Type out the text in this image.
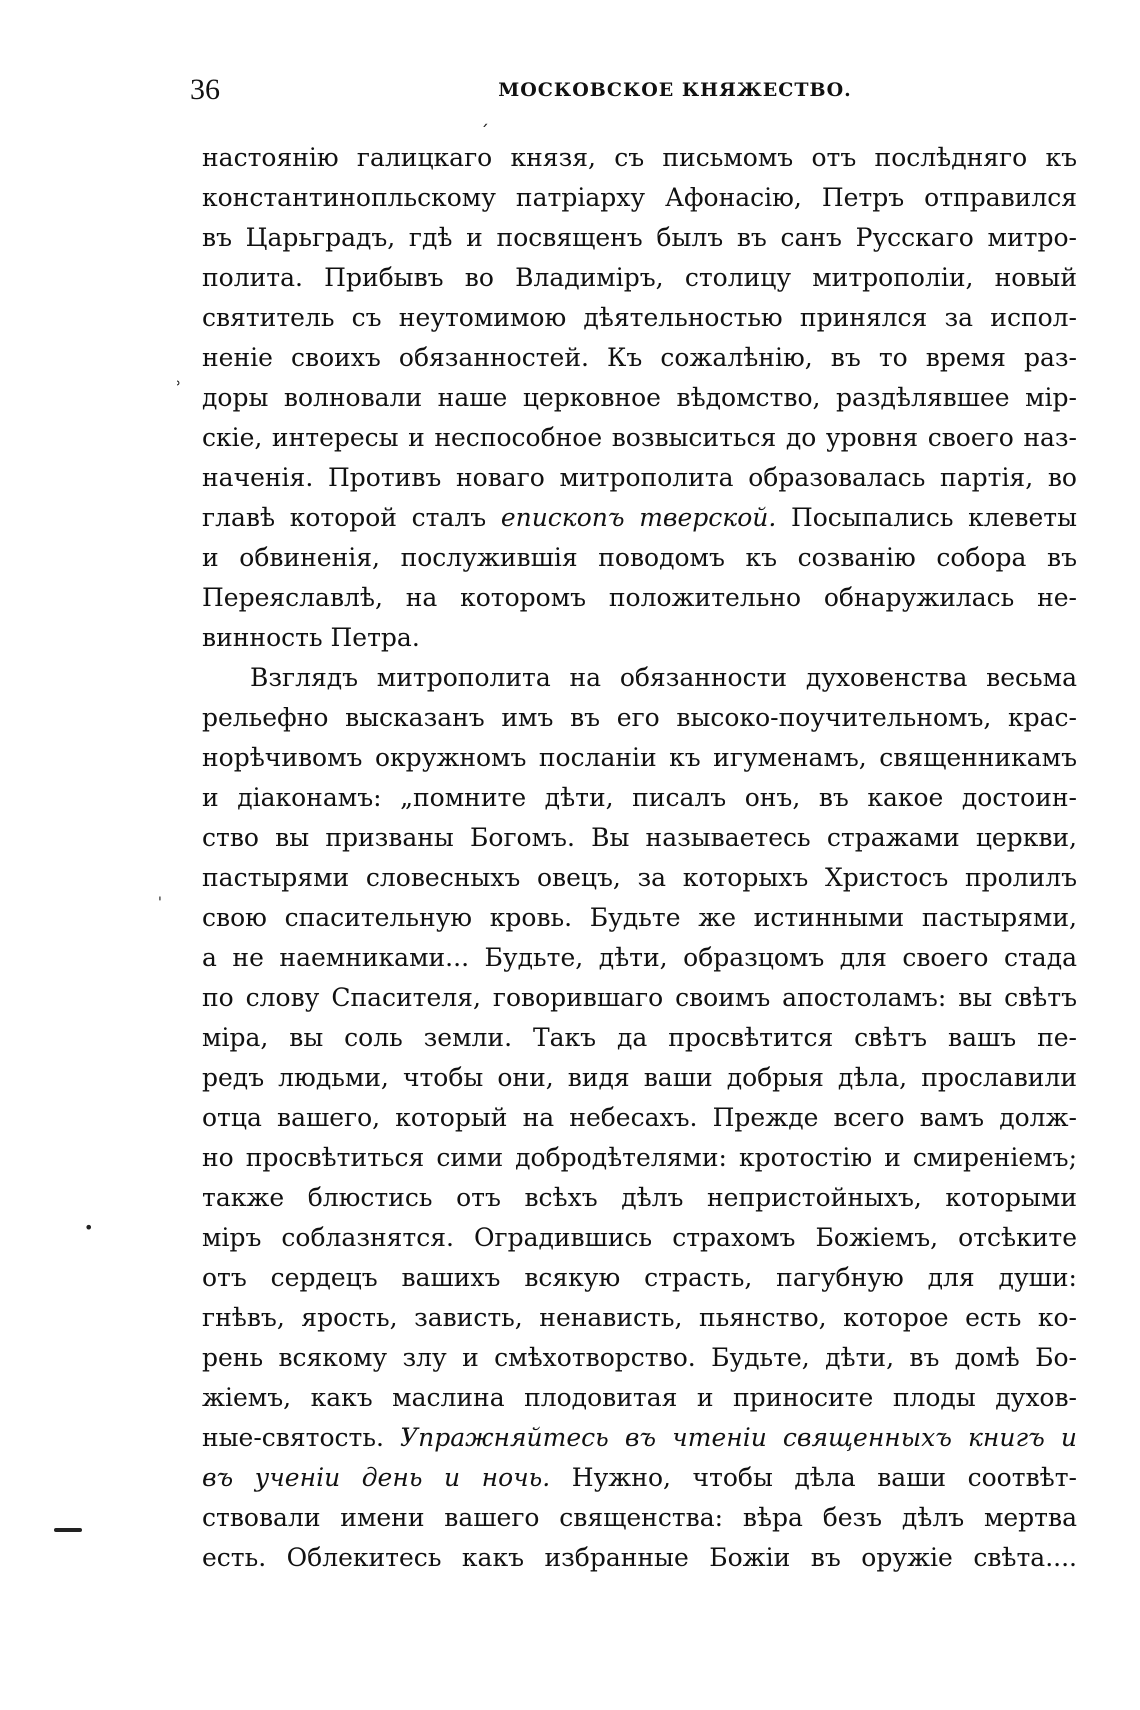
36	МОСКОВСКОЕ КНЯЖЕСТВО.
настоянію галицкаго князя, съ письмомъ отъ послѣдняго къ
константинопльскому патріарху Афонасію, Петръ отправился
въ Царьградъ, гдѣ и посвященъ былъ въ санъ Русскаго митро-
полита. Прибывъ во Владиміръ, столицу митрополіи, новый
святитель съ неутомимою дѣятельностью принялся за испол-
неніе своихъ обязанностей. Къ сожалѣнію, въ то время раз-
доры волновали наше церковное вѣдомство, раздѣлявшее мір-
скіе, интересы и неспособное возвыситься до уровня своего наз-
наченія. Противъ новаго митрополита образовалась партія, во
главѣ которой сталъ епископъ тверской. Посыпались клеветы
и обвиненія, послужившія поводомъ къ созванію собора въ
Переяславлѣ, на которомъ положительно обнаружилась не-
винность Петра.
Взглядъ митрополита на обязанности духовенства весьма
рельефно высказанъ имъ въ его высоко-поучительномъ, крас-
норѣчивомъ окружномъ посланіи къ игуменамъ, священникамъ
и діаконамъ: „помните дѣти, писалъ онъ, въ какое достоин-
ство вы призваны Богомъ. Вы называетесь стражами церкви,
пастырями словесныхъ овецъ, за которыхъ Христосъ пролилъ
свою спасительную кровь. Будьте же истинными пастырями,
а не наемниками... Будьте, дѣти, образцомъ для своего стада
по слову Спасителя, говорившаго своимъ апостоламъ: вы свѣтъ
міра, вы соль земли. Такъ да просвѣтится свѣтъ вашъ пе-
редъ людьми, чтобы они, видя ваши добрыя дѣла, прославили
отца вашего, который на небесахъ. Прежде всего вамъ долж-
но просвѣтиться сими добродѣтелями: кротостію и смиреніемъ;
также блюстись отъ всѣхъ дѣлъ непристойныхъ, которыми
міръ соблазнятся. Оградившись страхомъ Божіемъ, отсѣките
отъ сердецъ вашихъ всякую страсть, пагубную для души:
гнѣвъ, ярость, зависть, ненависть, пьянство, которое есть ко-
рень всякому злу и смѣхотворство. Будьте, дѣти, въ домѣ Бо-
жіемъ, какъ маслина плодовитая и приносите плоды духов-
ные-святость. Упражняйтесь въ чтеніи священныхъ книгъ и
въ ученіи день и ночь. Нужно, чтобы дѣла ваши соотвѣт-
ствовали имени вашего священства: вѣра безъ дѣлъ мертва
есть. Облекитесь какъ избранные Божіи въ оружіе свѣта....
ˊ
˒
'
•
